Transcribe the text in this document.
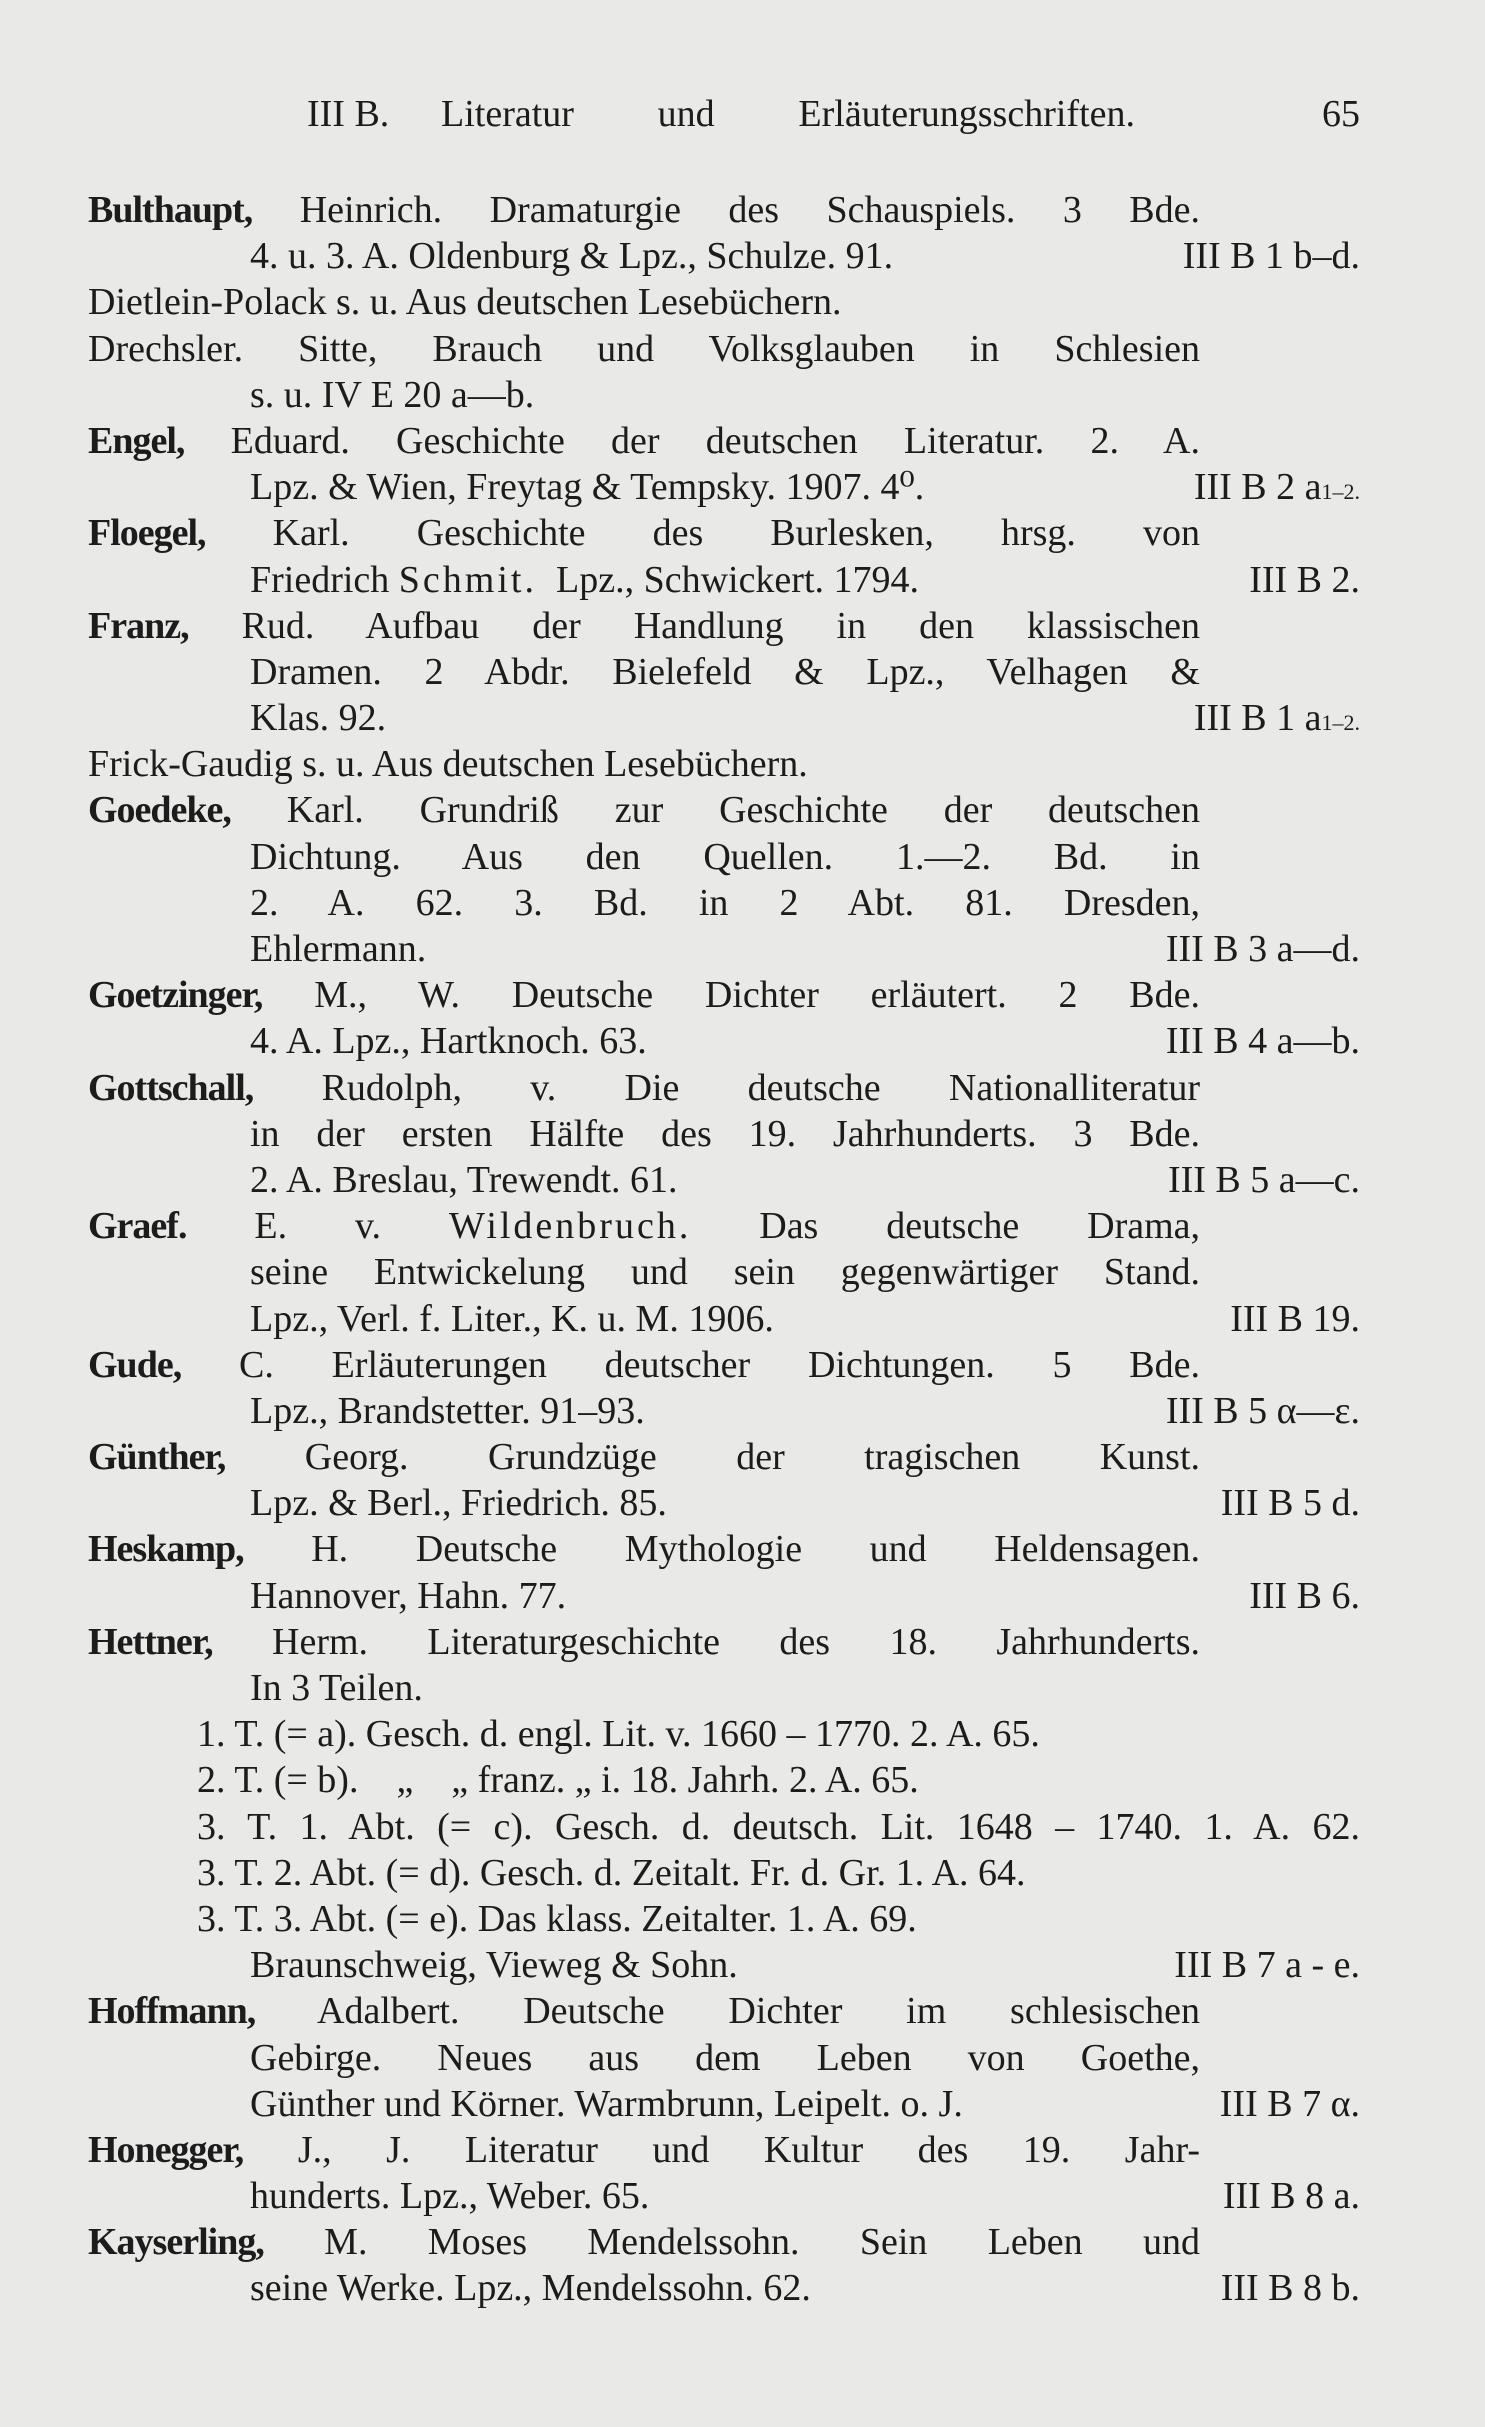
III B. Literatur und Erläuterungsschriften.	65
Bulthaupt, Heinrich. Dramaturgie des Schauspiels. 3 Bde.
4. u. 3. A. Oldenburg & Lpz., Schulze. 91.	III B 1 b–d.
Dietlein-Polack s. u. Aus deutschen Lesebüchern.
Drechsler. Sitte, Brauch und Volksglauben in Schlesien
s. u. IV E 20 a—b.
Engel, Eduard. Geschichte der deutschen Literatur. 2. A.
Lpz. & Wien, Freytag & Tempsky. 1907. 4⁰.	III B 2 a1–2.
Floegel, Karl. Geschichte des Burlesken, hrsg. von
Friedrich Schmit. Lpz., Schwickert. 1794.	III B 2.
Franz, Rud. Aufbau der Handlung in den klassischen
Dramen. 2 Abdr. Bielefeld & Lpz., Velhagen &
Klas. 92.	III B 1 a1–2.
Frick-Gaudig s. u. Aus deutschen Lesebüchern.
Goedeke, Karl. Grundriß zur Geschichte der deutschen
Dichtung. Aus den Quellen. 1.—2. Bd. in
2. A. 62. 3. Bd. in 2 Abt. 81. Dresden,
Ehlermann.	III B 3 a—d.
Goetzinger, M., W. Deutsche Dichter erläutert. 2 Bde.
4. A. Lpz., Hartknoch. 63.	III B 4 a—b.
Gottschall, Rudolph, v. Die deutsche Nationalliteratur
in der ersten Hälfte des 19. Jahrhunderts. 3 Bde.
2. A. Breslau, Trewendt. 61.	III B 5 a—c.
Graef. E. v. Wildenbruch. Das deutsche Drama,
seine Entwickelung und sein gegenwärtiger Stand.
Lpz., Verl. f. Liter., K. u. M. 1906.	III B 19.
Gude, C. Erläuterungen deutscher Dichtungen. 5 Bde.
Lpz., Brandstetter. 91–93.	III B 5 α—ε.
Günther, Georg. Grundzüge der tragischen Kunst.
Lpz. & Berl., Friedrich. 85.	III B 5 d.
Heskamp, H. Deutsche Mythologie und Heldensagen.
Hannover, Hahn. 77.	III B 6.
Hettner, Herm. Literaturgeschichte des 18. Jahrhunderts.
In 3 Teilen.
1. T. (= a). Gesch. d. engl. Lit. v. 1660 – 1770. 2. A. 65.
2. T. (= b).    „    „ franz. „ i. 18. Jahrh. 2. A. 65.
3. T. 1. Abt. (= c). Gesch. d. deutsch. Lit. 1648 – 1740. 1. A. 62.
3. T. 2. Abt. (= d). Gesch. d. Zeitalt. Fr. d. Gr. 1. A. 64.
3. T. 3. Abt. (= e). Das klass. Zeitalter. 1. A. 69.
Braunschweig, Vieweg & Sohn.	III B 7 a - e.
Hoffmann, Adalbert. Deutsche Dichter im schlesischen
Gebirge. Neues aus dem Leben von Goethe,
Günther und Körner. Warmbrunn, Leipelt. o. J.	III B 7 α.
Honegger, J., J. Literatur und Kultur des 19. Jahr-
hunderts. Lpz., Weber. 65.	III B 8 a.
Kayserling, M. Moses Mendelssohn. Sein Leben und
seine Werke. Lpz., Mendelssohn. 62.	III B 8 b.
